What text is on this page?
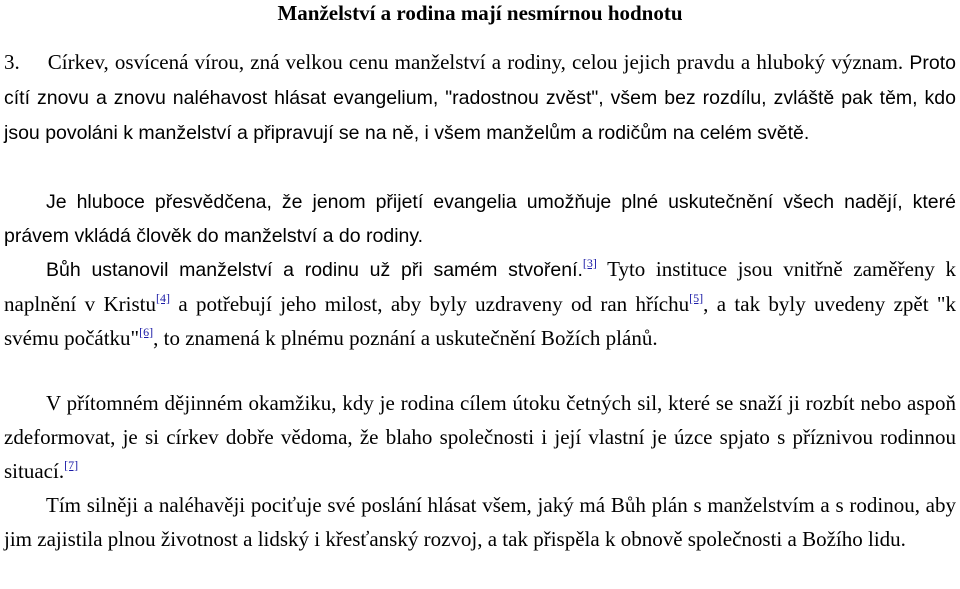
Manželství a rodina mají nesmírnou hodnotu

3. Církev, osvícená vírou, zná velkou cenu manželství a rodiny, celou jejich pravdu a hluboký význam. Proto cítí znovu a znovu naléhavost hlásat evangelium, "radostnou zvěst", všem bez rozdílu, zvláště pak těm, kdo jsou povoláni k manželství a připravují se na ně, i všem manželům a rodičům na celém světě.

Je hluboce přesvědčena, že jenom přijetí evangelia umožňuje plné uskutečnění všech nadějí, které právem vkládá člověk do manželství a do rodiny.

Bůh ustanovil manželství a rodinu už při samém stvoření.[3] Tyto instituce jsou vnitřně zaměřeny k naplnění v Kristu[4] a potřebují jeho milost, aby byly uzdraveny od ran hříchu[5], a tak byly uvedeny zpět "k svému počátku"[6], to znamená k plnému poznání a uskutečnění Božích plánů.

V přítomném dějinném okamžiku, kdy je rodina cílem útoku četných sil, které se snaží ji rozbít nebo aspoň zdeformovat, je si církev dobře vědoma, že blaho společnosti i její vlastní je úzce spjato s příznivou rodinnou situací.[7]

Tím silněji a naléhavěji pociťuje své poslání hlásat všem, jaký má Bůh plán s manželstvím a s rodinou, aby jim zajistila plnou životnost a lidský i křesťanský rozvoj, a tak přispěla k obnově společnosti a Božího lidu.
